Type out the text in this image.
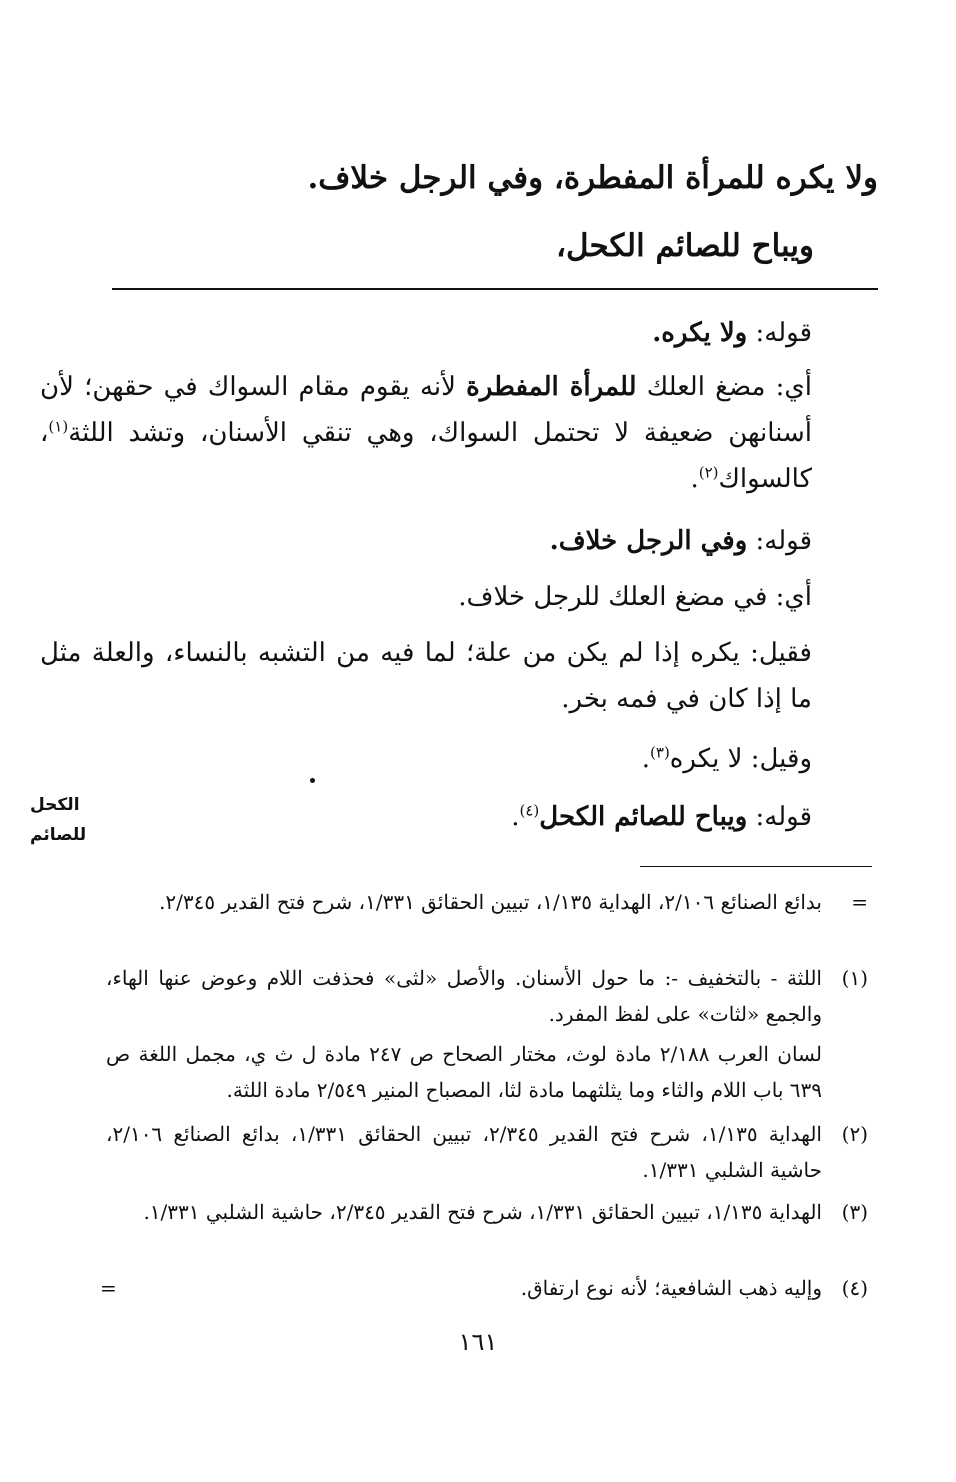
ولا يكره للمرأة المفطرة، وفي الرجل خلاف.
ويباح للصائم الكحل،
قوله: ولا يكره.
أي: مضغ العلك للمرأة المفطرة لأنه يقوم مقام السواك في حقهن؛ لأن أسنانهن ضعيفة لا تحتمل السواك، وهي تنقي الأسنان، وتشد اللثة$^{(١)}$، كالسواك$^{(٢)}$.
قوله: وفي الرجل خلاف.
أي: في مضغ العلك للرجل خلاف.
فقيل: يكره إذا لم يكن من علة؛ لما فيه من التشبه بالنساء، والعلة مثل ما إذا كان في فمه بخر.
وقيل: لا يكره$^{(٣)}$.
قوله: ويباح للصائم الكحل$^{(٤)}$.
الكحل
للصائم
=
بدائع الصنائع ٢/١٠٦، الهداية ١/١٣٥، تبيين الحقائق ١/٣٣١، شرح فتح القدير ٢/٣٤٥.
(١)
اللثة - بالتخفيف -: ما حول الأسنان. والأصل «لثى» فحذفت اللام وعوض عنها الهاء، والجمع «لثات» على لفظ المفرد.
لسان العرب ٢/١٨٨ مادة لوث، مختار الصحاح ص ٢٤٧ مادة ل ث ي، مجمل اللغة ص ٦٣٩ باب اللام والثاء وما يثلثهما مادة لثا، المصباح المنير ٢/٥٤٩ مادة اللثة.
(٢)
الهداية ١/١٣٥، شرح فتح القدير ٢/٣٤٥، تبيين الحقائق ١/٣٣١، بدائع الصنائع ٢/١٠٦، حاشية الشلبي ١/٣٣١.
(٣)
الهداية ١/١٣٥، تبيين الحقائق ١/٣٣١، شرح فتح القدير ٢/٣٤٥، حاشية الشلبي ١/٣٣١.
(٤)
وإليه ذهب الشافعية؛ لأنه نوع ارتفاق.
=
١٦١
